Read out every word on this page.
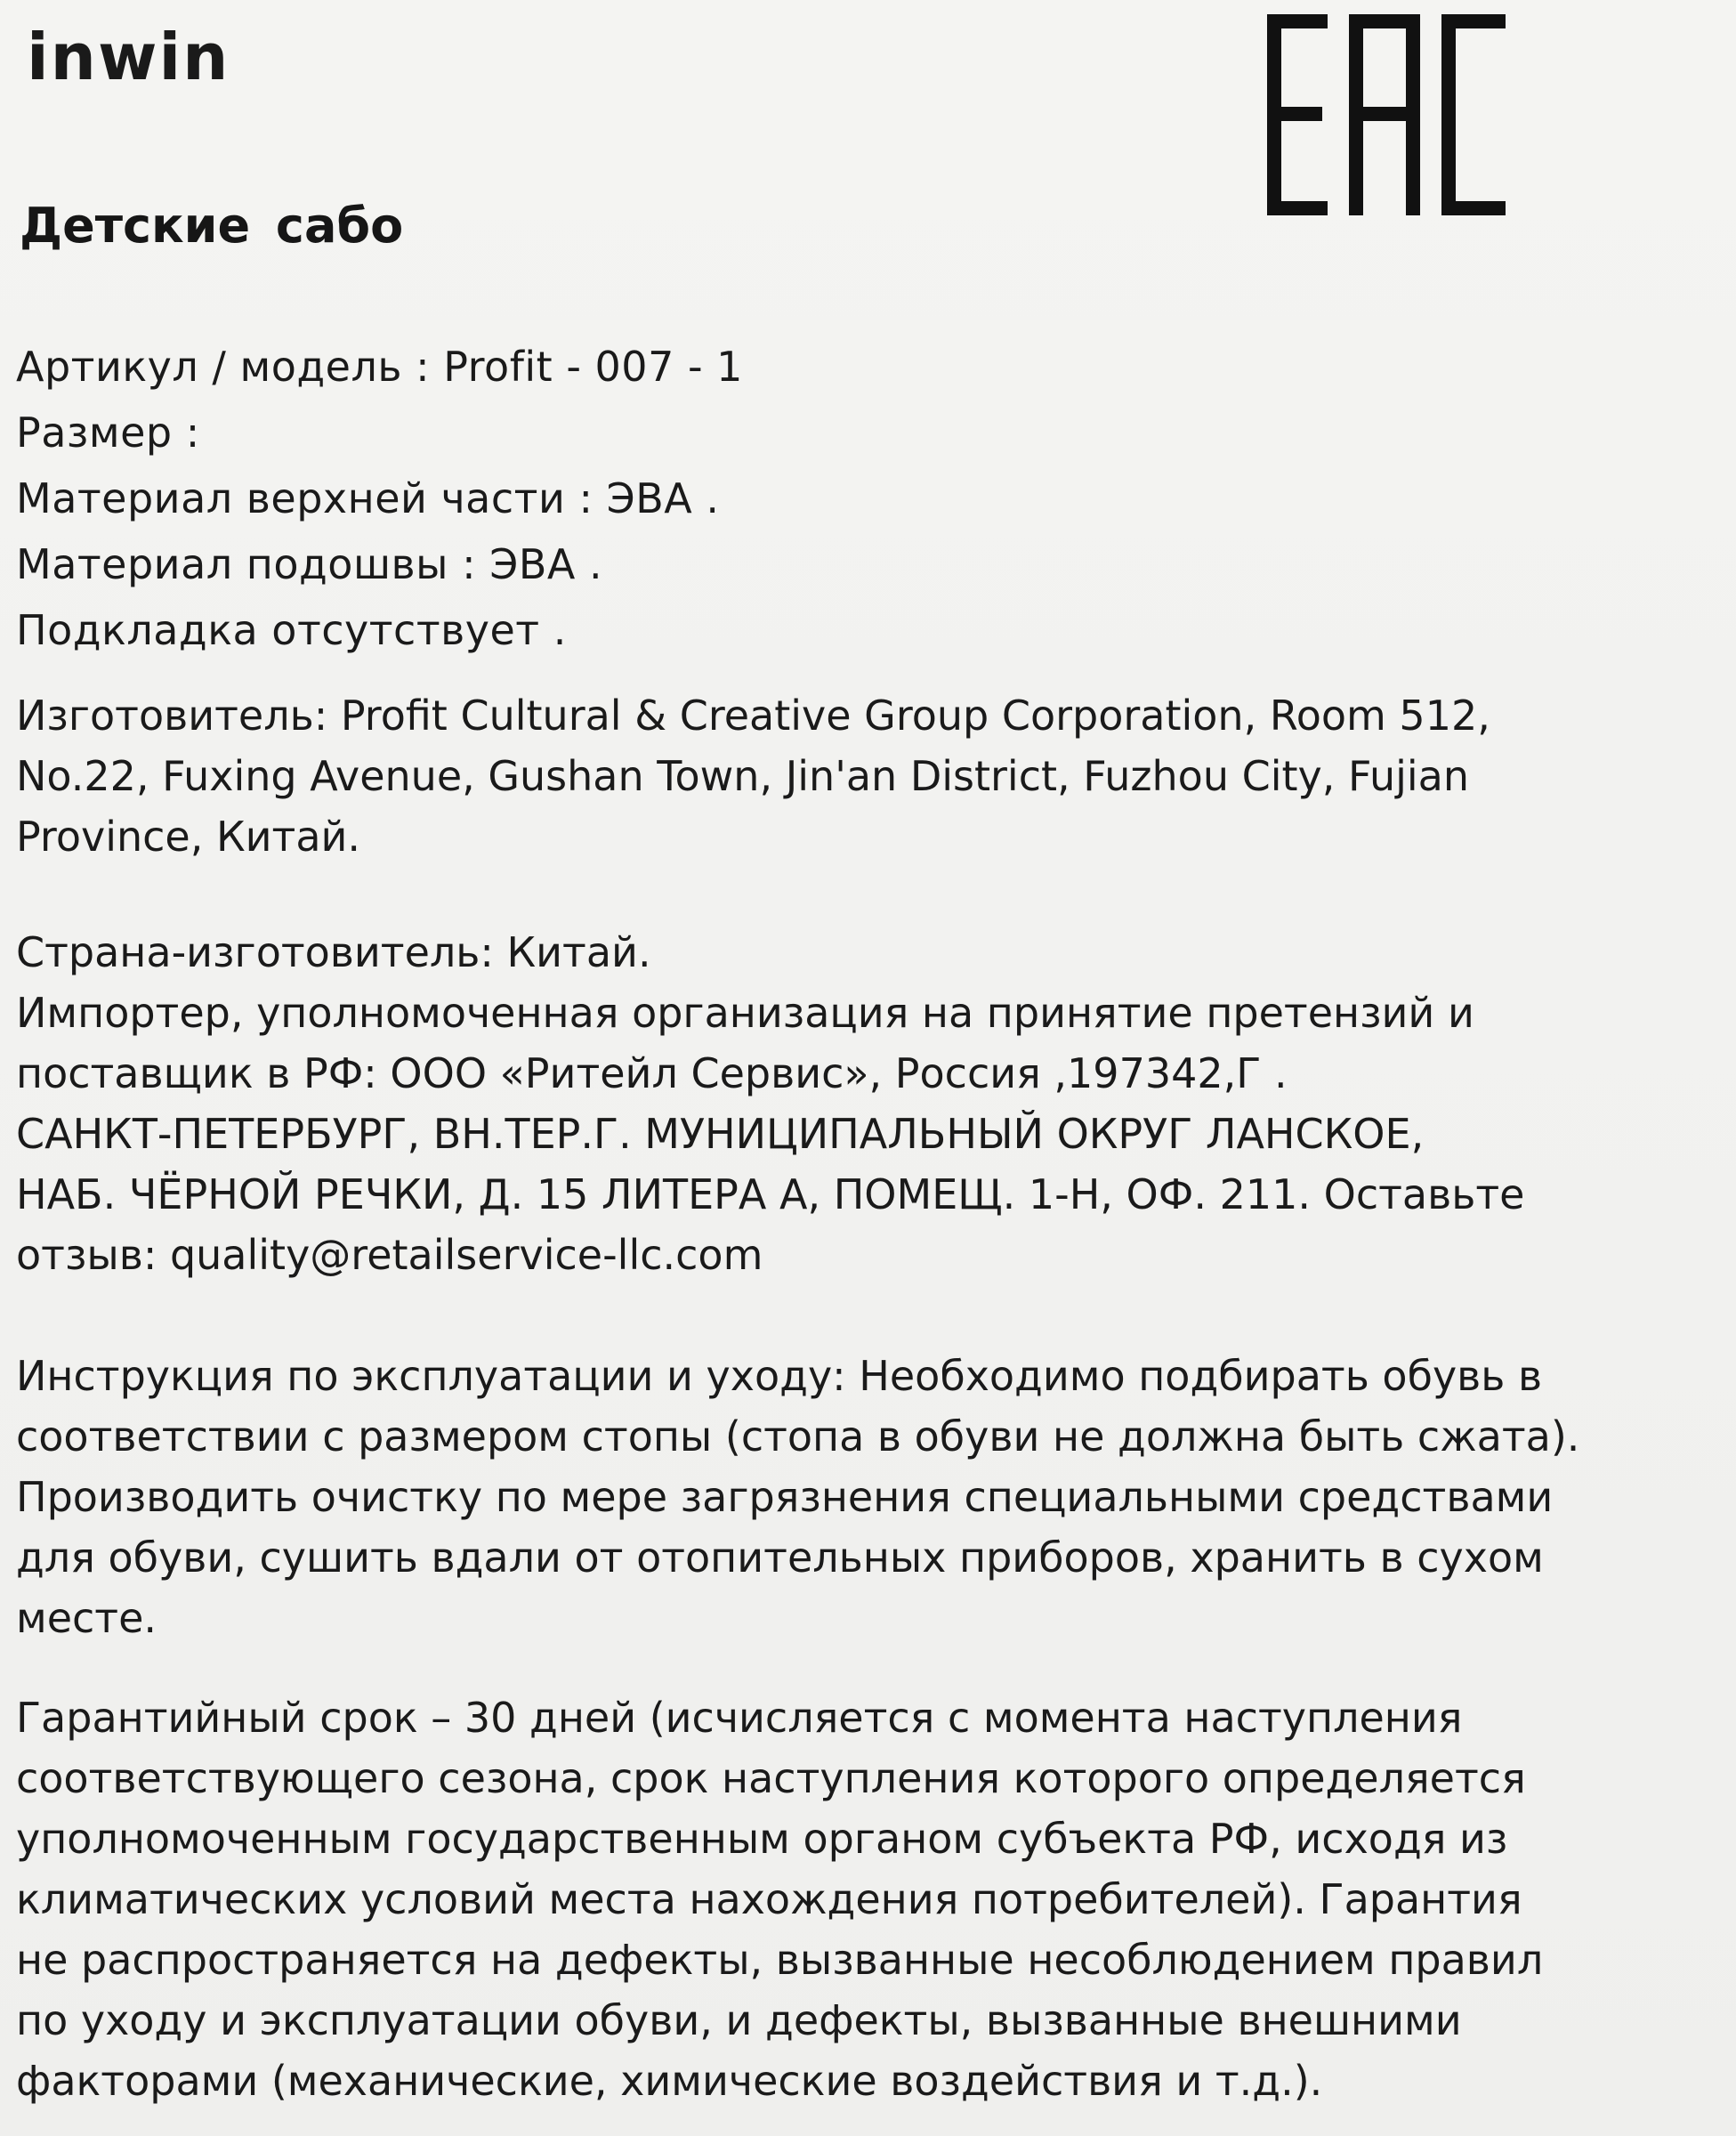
inwin
Детские сабо
Артикул / модель : Profit - 007 - 1
Размер :
Материал верхней части : ЭВА .
Материал подошвы : ЭВА .
Подкладка отсутствует .
Изготовитель: Profit Cultural & Creative Group Corporation, Room 512,
No.22, Fuxing Avenue, Gushan Town, Jin'an District, Fuzhou City, Fujian
Province, Китай.
Страна-изготовитель: Китай.
Импортер, уполномоченная организация на принятие претензий и
поставщик в РФ: ООО «Ритейл Сервис», Россия ,197342,Г .
САНКТ-ПЕТЕРБУРГ, ВН.ТЕР.Г. МУНИЦИПАЛЬНЫЙ ОКРУГ ЛАНСКОЕ,
НАБ. ЧЁРНОЙ РЕЧКИ, Д. 15 ЛИТЕРА А, ПОМЕЩ. 1-Н, ОФ. 211. Оставьте
отзыв: quality@retailservice-llc.com
Инструкция по эксплуатации и уходу: Необходимо подбирать обувь в
соответствии с размером стопы (стопа в обуви не должна быть сжата).
Производить очистку по мере загрязнения специальными средствами
для обуви, сушить вдали от отопительных приборов, хранить в сухом
месте.
Гарантийный срок – 30 дней (исчисляется с момента наступления
соответствующего сезона, срок наступления которого определяется
уполномоченным государственным органом субъекта РФ, исходя из
климатических условий места нахождения потребителей). Гарантия
не распространяется на дефекты, вызванные несоблюдением правил
по уходу и эксплуатации обуви, и дефекты, вызванные внешними
факторами (механические, химические воздействия и т.д.).
